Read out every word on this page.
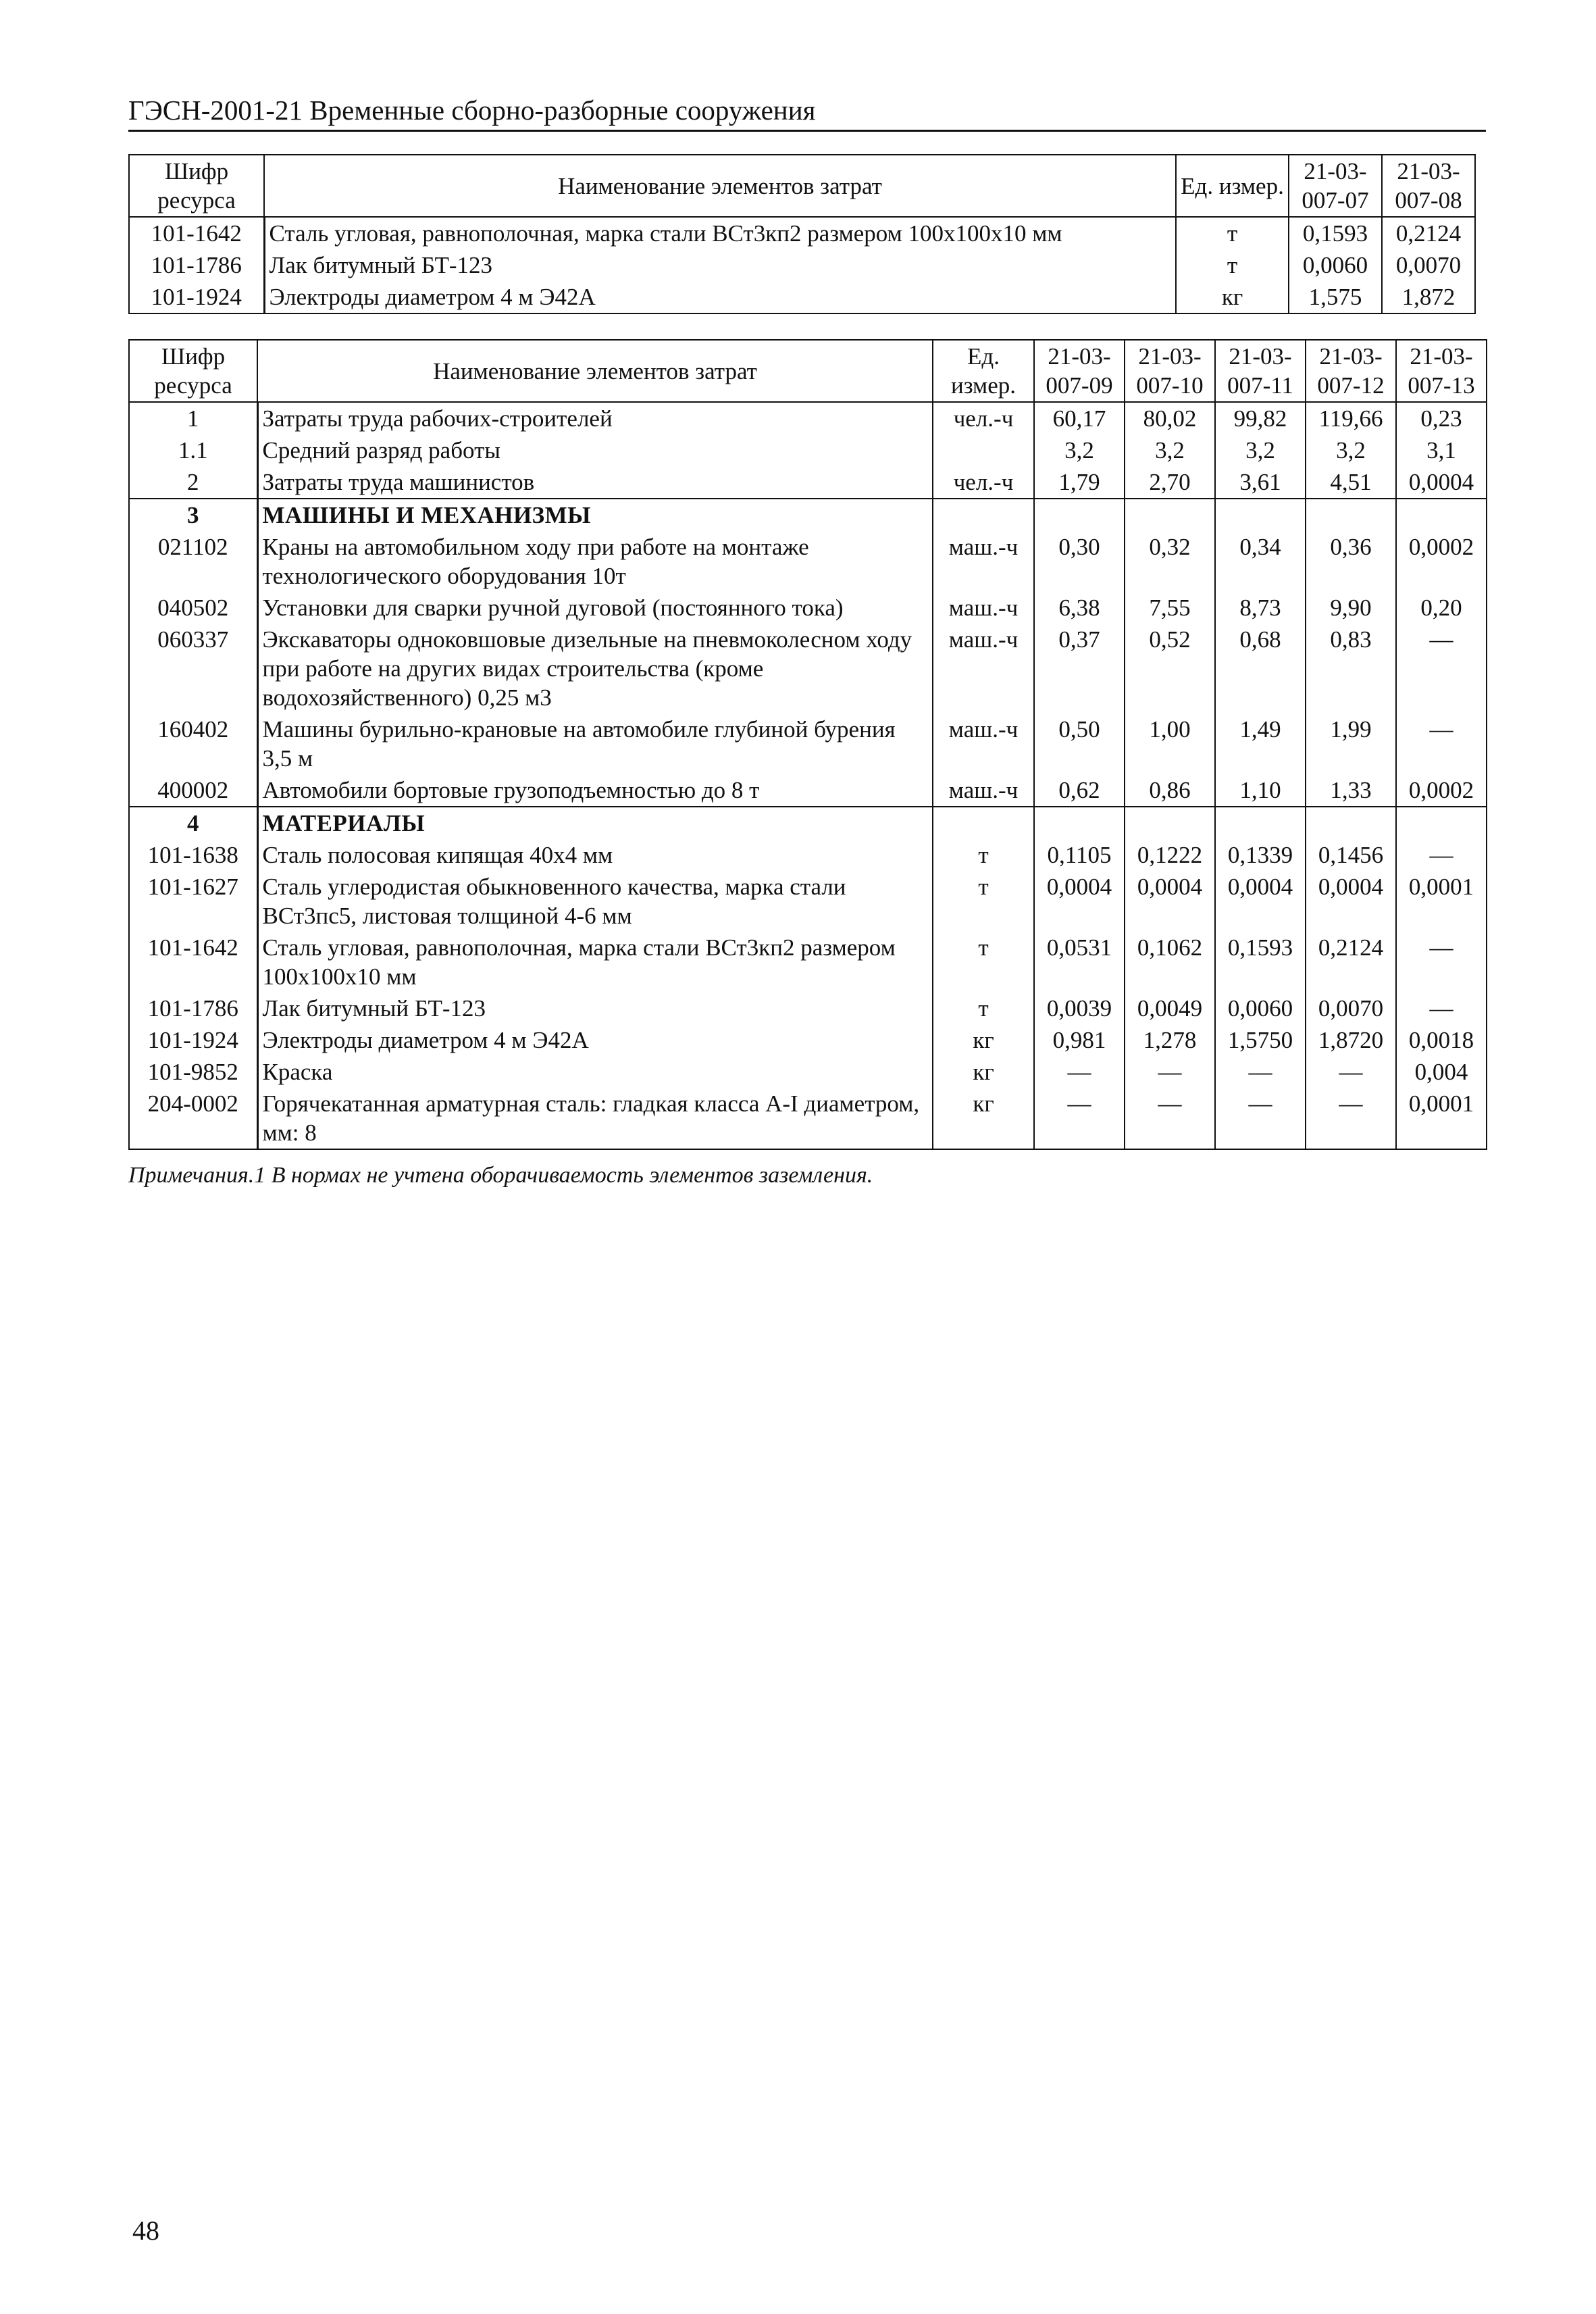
ГЭСН-2001-21 Временные сборно-разборные сооружения
Шифр ресурса	Наименование элементов затрат	Ед. измер.	21-03-007-07	21-03-007-08
101-1642	Сталь угловая, равнополочная, марка стали ВСт3кп2 размером 100х100х10 мм	т	0,1593	0,2124
101-1786	Лак битумный БТ-123	т	0,0060	0,0070
101-1924	Электроды диаметром 4 м Э42А	кг	1,575	1,872
Шифр ресурса	Наименование элементов затрат	Ед. измер.	21-03-007-09	21-03-007-10	21-03-007-11	21-03-007-12	21-03-007-13
1	Затраты труда рабочих-строителей	чел.-ч	60,17	80,02	99,82	119,66	0,23
1.1	Средний разряд работы		3,2	3,2	3,2	3,2	3,1
2	Затраты труда машинистов	чел.-ч	1,79	2,70	3,61	4,51	0,0004
3	МАШИНЫ И МЕХАНИЗМЫ						
021102	Краны на автомобильном ходу при работе на монтаже технологического оборудования 10т	маш.-ч	0,30	0,32	0,34	0,36	0,0002
040502	Установки для сварки ручной дуговой (постоянного тока)	маш.-ч	6,38	7,55	8,73	9,90	0,20
060337	Экскаваторы одноковшовые дизельные на пневмоколесном ходу при работе на других видах строительства (кроме водохозяйственного) 0,25 м3	маш.-ч	0,37	0,52	0,68	0,83	—
160402	Машины бурильно-крановые на автомобиле глубиной бурения 3,5 м	маш.-ч	0,50	1,00	1,49	1,99	—
400002	Автомобили бортовые грузоподъемностью до 8 т	маш.-ч	0,62	0,86	1,10	1,33	0,0002
4	МАТЕРИАЛЫ						
101-1638	Сталь полосовая кипящая 40х4 мм	т	0,1105	0,1222	0,1339	0,1456	—
101-1627	Сталь углеродистая обыкновенного качества, марка стали ВСт3пс5, листовая толщиной 4-6 мм	т	0,0004	0,0004	0,0004	0,0004	0,0001
101-1642	Сталь угловая, равнополочная, марка стали ВСт3кп2 размером 100х100х10 мм	т	0,0531	0,1062	0,1593	0,2124	—
101-1786	Лак битумный БТ-123	т	0,0039	0,0049	0,0060	0,0070	—
101-1924	Электроды диаметром 4 м Э42А	кг	0,981	1,278	1,5750	1,8720	0,0018
101-9852	Краска	кг	—	—	—	—	0,004
204-0002	Горячекатанная арматурная сталь: гладкая класса А-I диаметром, мм: 8	кг	—	—	—	—	0,0001
Примечания.1 В нормах не учтена оборачиваемость элементов заземления.
48
